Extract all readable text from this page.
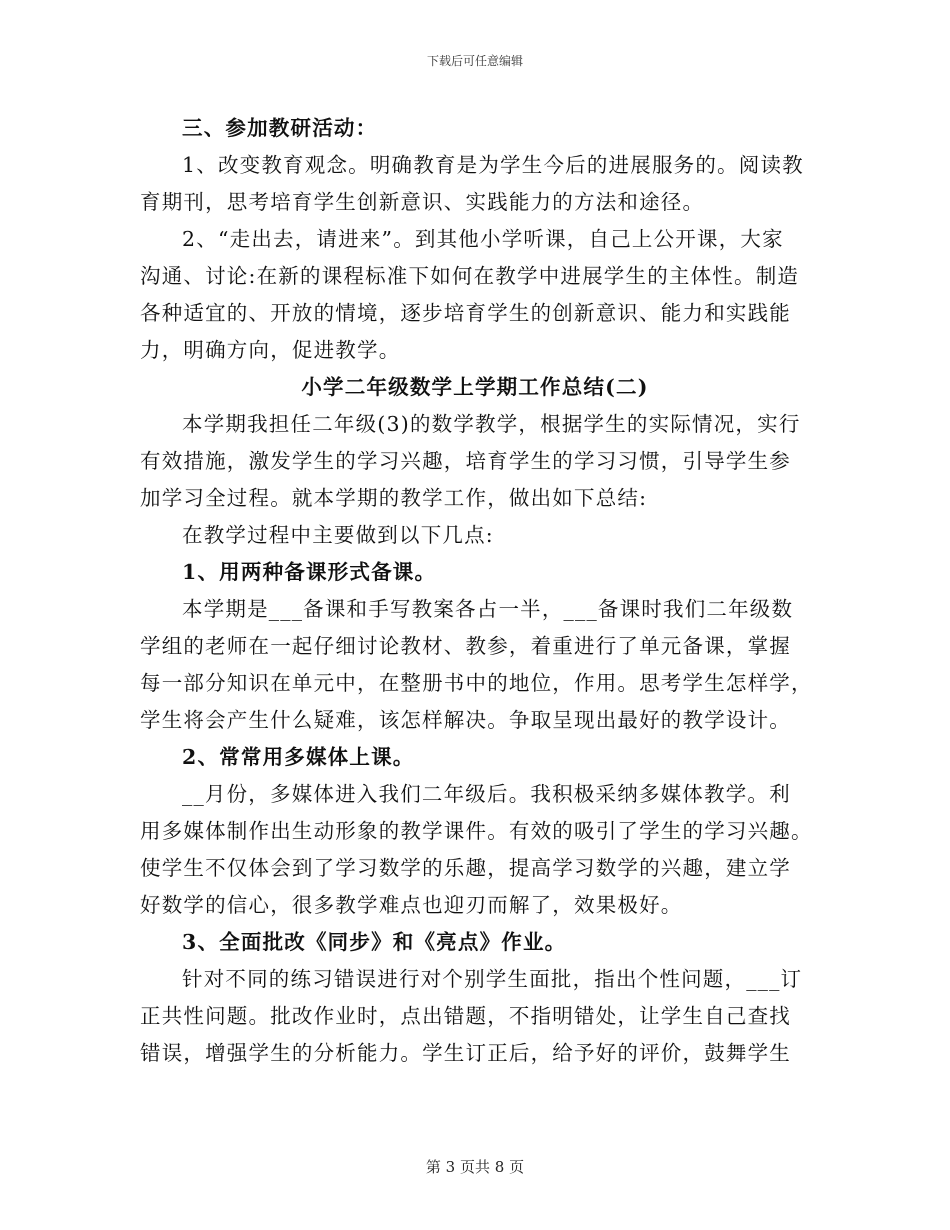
下载后可任意编辑
三、参加教研活动：
1、改变教育观念。明确教育是为学生今后的进展服务的。阅读教
育期刊，思考培育学生创新意识、实践能力的方法和途径。
2、“走出去，请进来”。到其他小学听课，自己上公开课，大家
沟通、讨论:在新的课程标准下如何在教学中进展学生的主体性。制造
各种适宜的、开放的情境，逐步培育学生的创新意识、能力和实践能
力，明确方向，促进教学。
小学二年级数学上学期工作总结(二)
本学期我担任二年级(3)的数学教学，根据学生的实际情况，实行
有效措施，激发学生的学习兴趣，培育学生的学习习惯，引导学生参
加学习全过程。就本学期的教学工作，做出如下总结:
在教学过程中主要做到以下几点:
1、用两种备课形式备课。
本学期是___备课和手写教案各占一半，___备课时我们二年级数
学组的老师在一起仔细讨论教材、教参，着重进行了单元备课，掌握
每一部分知识在单元中，在整册书中的地位，作用。思考学生怎样学，
学生将会产生什么疑难，该怎样解决。争取呈现出最好的教学设计。
2、常常用多媒体上课。
__月份，多媒体进入我们二年级后。我积极采纳多媒体教学。利
用多媒体制作出生动形象的教学课件。有效的吸引了学生的学习兴趣。
使学生不仅体会到了学习数学的乐趣，提高学习数学的兴趣，建立学
好数学的信心，很多教学难点也迎刃而解了，效果极好。
3、全面批改《同步》和《亮点》作业。
针对不同的练习错误进行对个别学生面批，指出个性问题，___订
正共性问题。批改作业时，点出错题，不指明错处，让学生自己查找
错误，增强学生的分析能力。学生订正后，给予好的评价，鼓舞学生
第 3 页共 8 页
